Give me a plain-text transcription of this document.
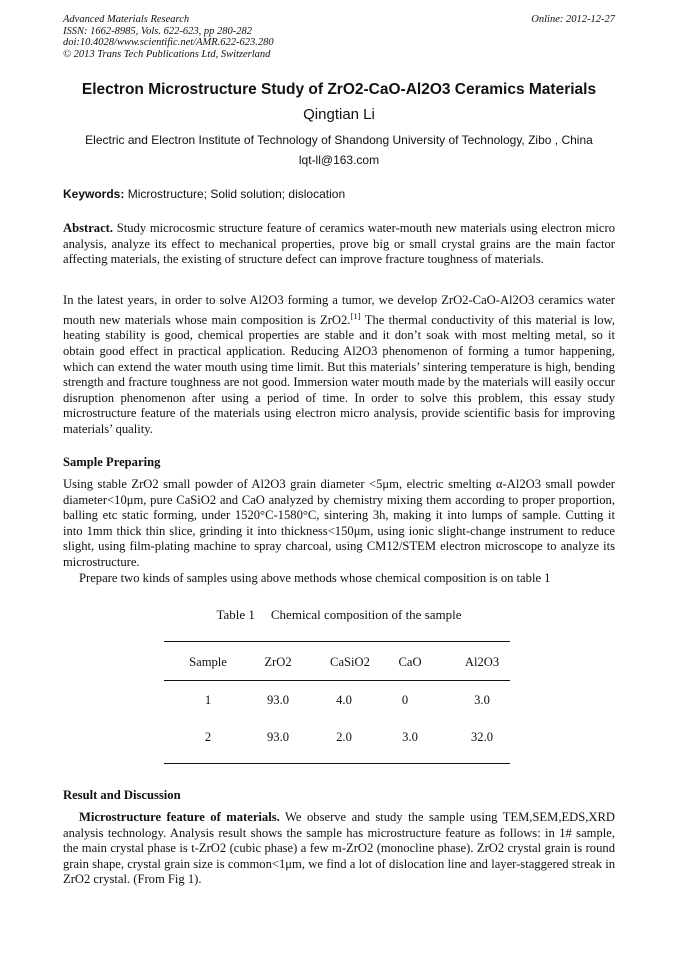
Advanced Materials Research
ISSN: 1662-8985, Vols. 622-623, pp 280-282
doi:10.4028/www.scientific.net/AMR.622-623.280
© 2013 Trans Tech Publications Ltd, Switzerland
Online: 2012-12-27
Electron Microstructure Study of ZrO2-CaO-Al2O3 Ceramics Materials
Qingtian Li
Electric and Electron Institute of Technology of Shandong University of Technology, Zibo , China
lqt-ll@163.com
Keywords: Microstructure; Solid solution; dislocation

Abstract. Study microcosmic structure feature of ceramics water-mouth new materials using electron micro analysis, analyze its effect to mechanical properties, prove big or small crystal grains are the main factor affecting materials, the existing of structure defect can improve fracture toughness of materials.

In the latest years, in order to solve Al2O3 forming a tumor, we develop ZrO2-CaO-Al2O3 ceramics water mouth new materials whose main composition is ZrO2.[1] The thermal conductivity of this material is low, heating stability is good, chemical properties are stable and it don’t soak with most melting metal, so it obtain good effect in practical application. Reducing Al2O3 phenomenon of forming a tumor happening, which can extend the water mouth using time limit. But this materials’ sintering temperature is high, bending strength and fracture toughness are not good. Immersion water mouth made by the materials will easily occur disruption phenomenon after using a period of time. In order to solve this problem, this essay study microstructure feature of the materials using electron micro analysis, provide scientific basis for improving materials’ quality.

Sample Preparing

Using stable ZrO2 small powder of Al2O3 grain diameter <5μm, electric smelting α-Al2O3 small powder diameter<10μm, pure CaSiO2 and CaO analyzed by chemistry mixing them according to proper proportion, balling etc static forming, under 1520°C-1580°C, sintering 3h, making it into lumps of sample. Cutting it into 1mm thick thin slice, grinding it into thickness<150μm, using ionic slight-change instrument to reduce slight, using film-plating machine to spray charcoal, using CM12/STEM electron microscope to analyze its microstructure.

Prepare two kinds of samples using above methods whose chemical composition is on table 1

Table 1 Chemical composition of the sample
Sample	ZrO2	CaSiO2	CaO	Al2O3
1	93.0	4.0	0	3.0
2	93.0	2.0	3.0	32.0
Result and Discussion

Microstructure feature of materials. We observe and study the sample using TEM,SEM,EDS,XRD analysis technology. Analysis result shows the sample has microstructure feature as follows: in 1# sample, the main crystal phase is t-ZrO2 (cubic phase) a few m-ZrO2 (monocline phase). ZrO2 crystal grain is round grain shape, crystal grain size is common<1μm, we find a lot of dislocation line and layer-staggered streak in ZrO2 crystal. (From Fig 1).
